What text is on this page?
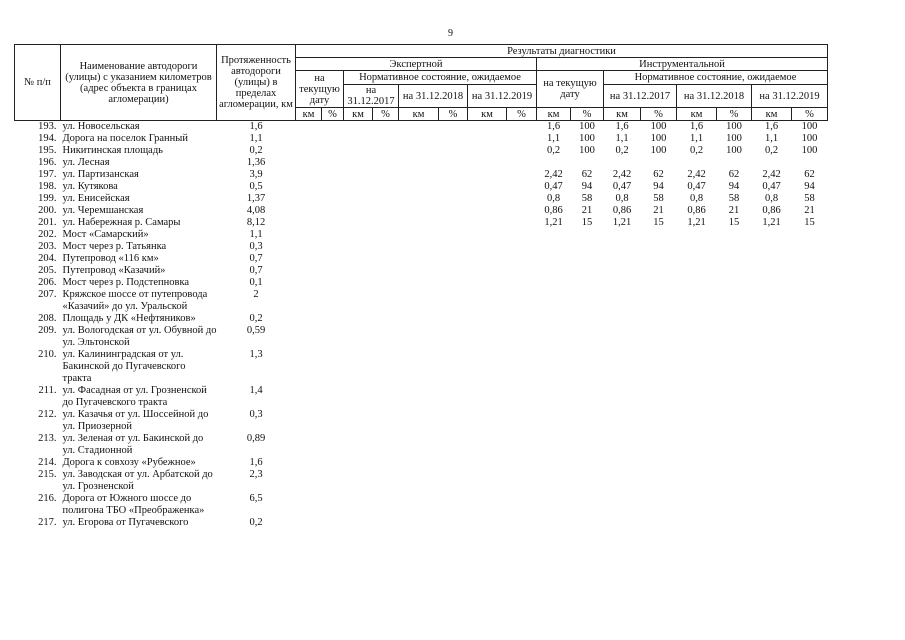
9
№ п/п	Наименование автодороги (улицы) с указанием километров (адрес объекта в границах агломерации)	Протяженность автодороги (улицы) в пределах агломерации, км	Результаты диагностики															
			Экспертной								Инструментальной							
			на текущую дату		Нормативное состояние, ожидаемое						на текущую дату		Нормативное состояние, ожидаемое					
					на 31.12.2017		на 31.12.2018		на 31.12.2019				на 31.12.2017		на 31.12.2018		на 31.12.2019	
			км	%	км	%	км	%	км	%	км	%	км	%	км	%	км	%
193.	ул. Новосельская	1,6									1,6	100	1,6	100	1,6	100	1,6	100
194.	Дорога на поселок Гранный	1,1									1,1	100	1,1	100	1,1	100	1,1	100
195.	Никитинская площадь	0,2									0,2	100	0,2	100	0,2	100	0,2	100
196.	ул. Лесная	1,36																
197.	ул. Партизанская	3,9									2,42	62	2,42	62	2,42	62	2,42	62
198.	ул. Кутякова	0,5									0,47	94	0,47	94	0,47	94	0,47	94
199.	ул. Енисейская	1,37									0,8	58	0,8	58	0,8	58	0,8	58
200.	ул. Черемшанская	4,08									0,86	21	0,86	21	0,86	21	0,86	21
201.	ул. Набережная р. Самары	8,12									1,21	15	1,21	15	1,21	15	1,21	15
202.	Мост «Самарский»	1,1																
203.	Мост через р. Татьянка	0,3																
204.	Путепровод «116 км»	0,7																
205.	Путепровод «Казачий»	0,7																
206.	Мост через р. Подстепновка	0,1																
207.	Кряжское шоссе от путепровода «Казачий» до ул. Уральской	2																
208.	Площадь у ДК «Нефтяников»	0,2																
209.	ул. Вологодская от ул. Обувной до ул. Эльтонской	0,59																
210.	ул. Калининградская от ул. Бакинской до Пугачевского тракта	1,3																
211.	ул. Фасадная от ул. Грозненской до Пугачевского тракта	1,4																
212.	ул. Казачья от ул. Шоссейной до ул. Приозерной	0,3																
213.	ул. Зеленая от ул. Бакинской до ул. Стадионной	0,89																
214.	Дорога к совхозу «Рубежное»	1,6																
215.	ул. Заводская от ул. Арбатской до ул. Грозненской	2,3																
216.	Дорога от Южного шоссе до полигона ТБО «Преображенка»	6,5																
217.	ул. Егорова от Пугачевского	0,2																
